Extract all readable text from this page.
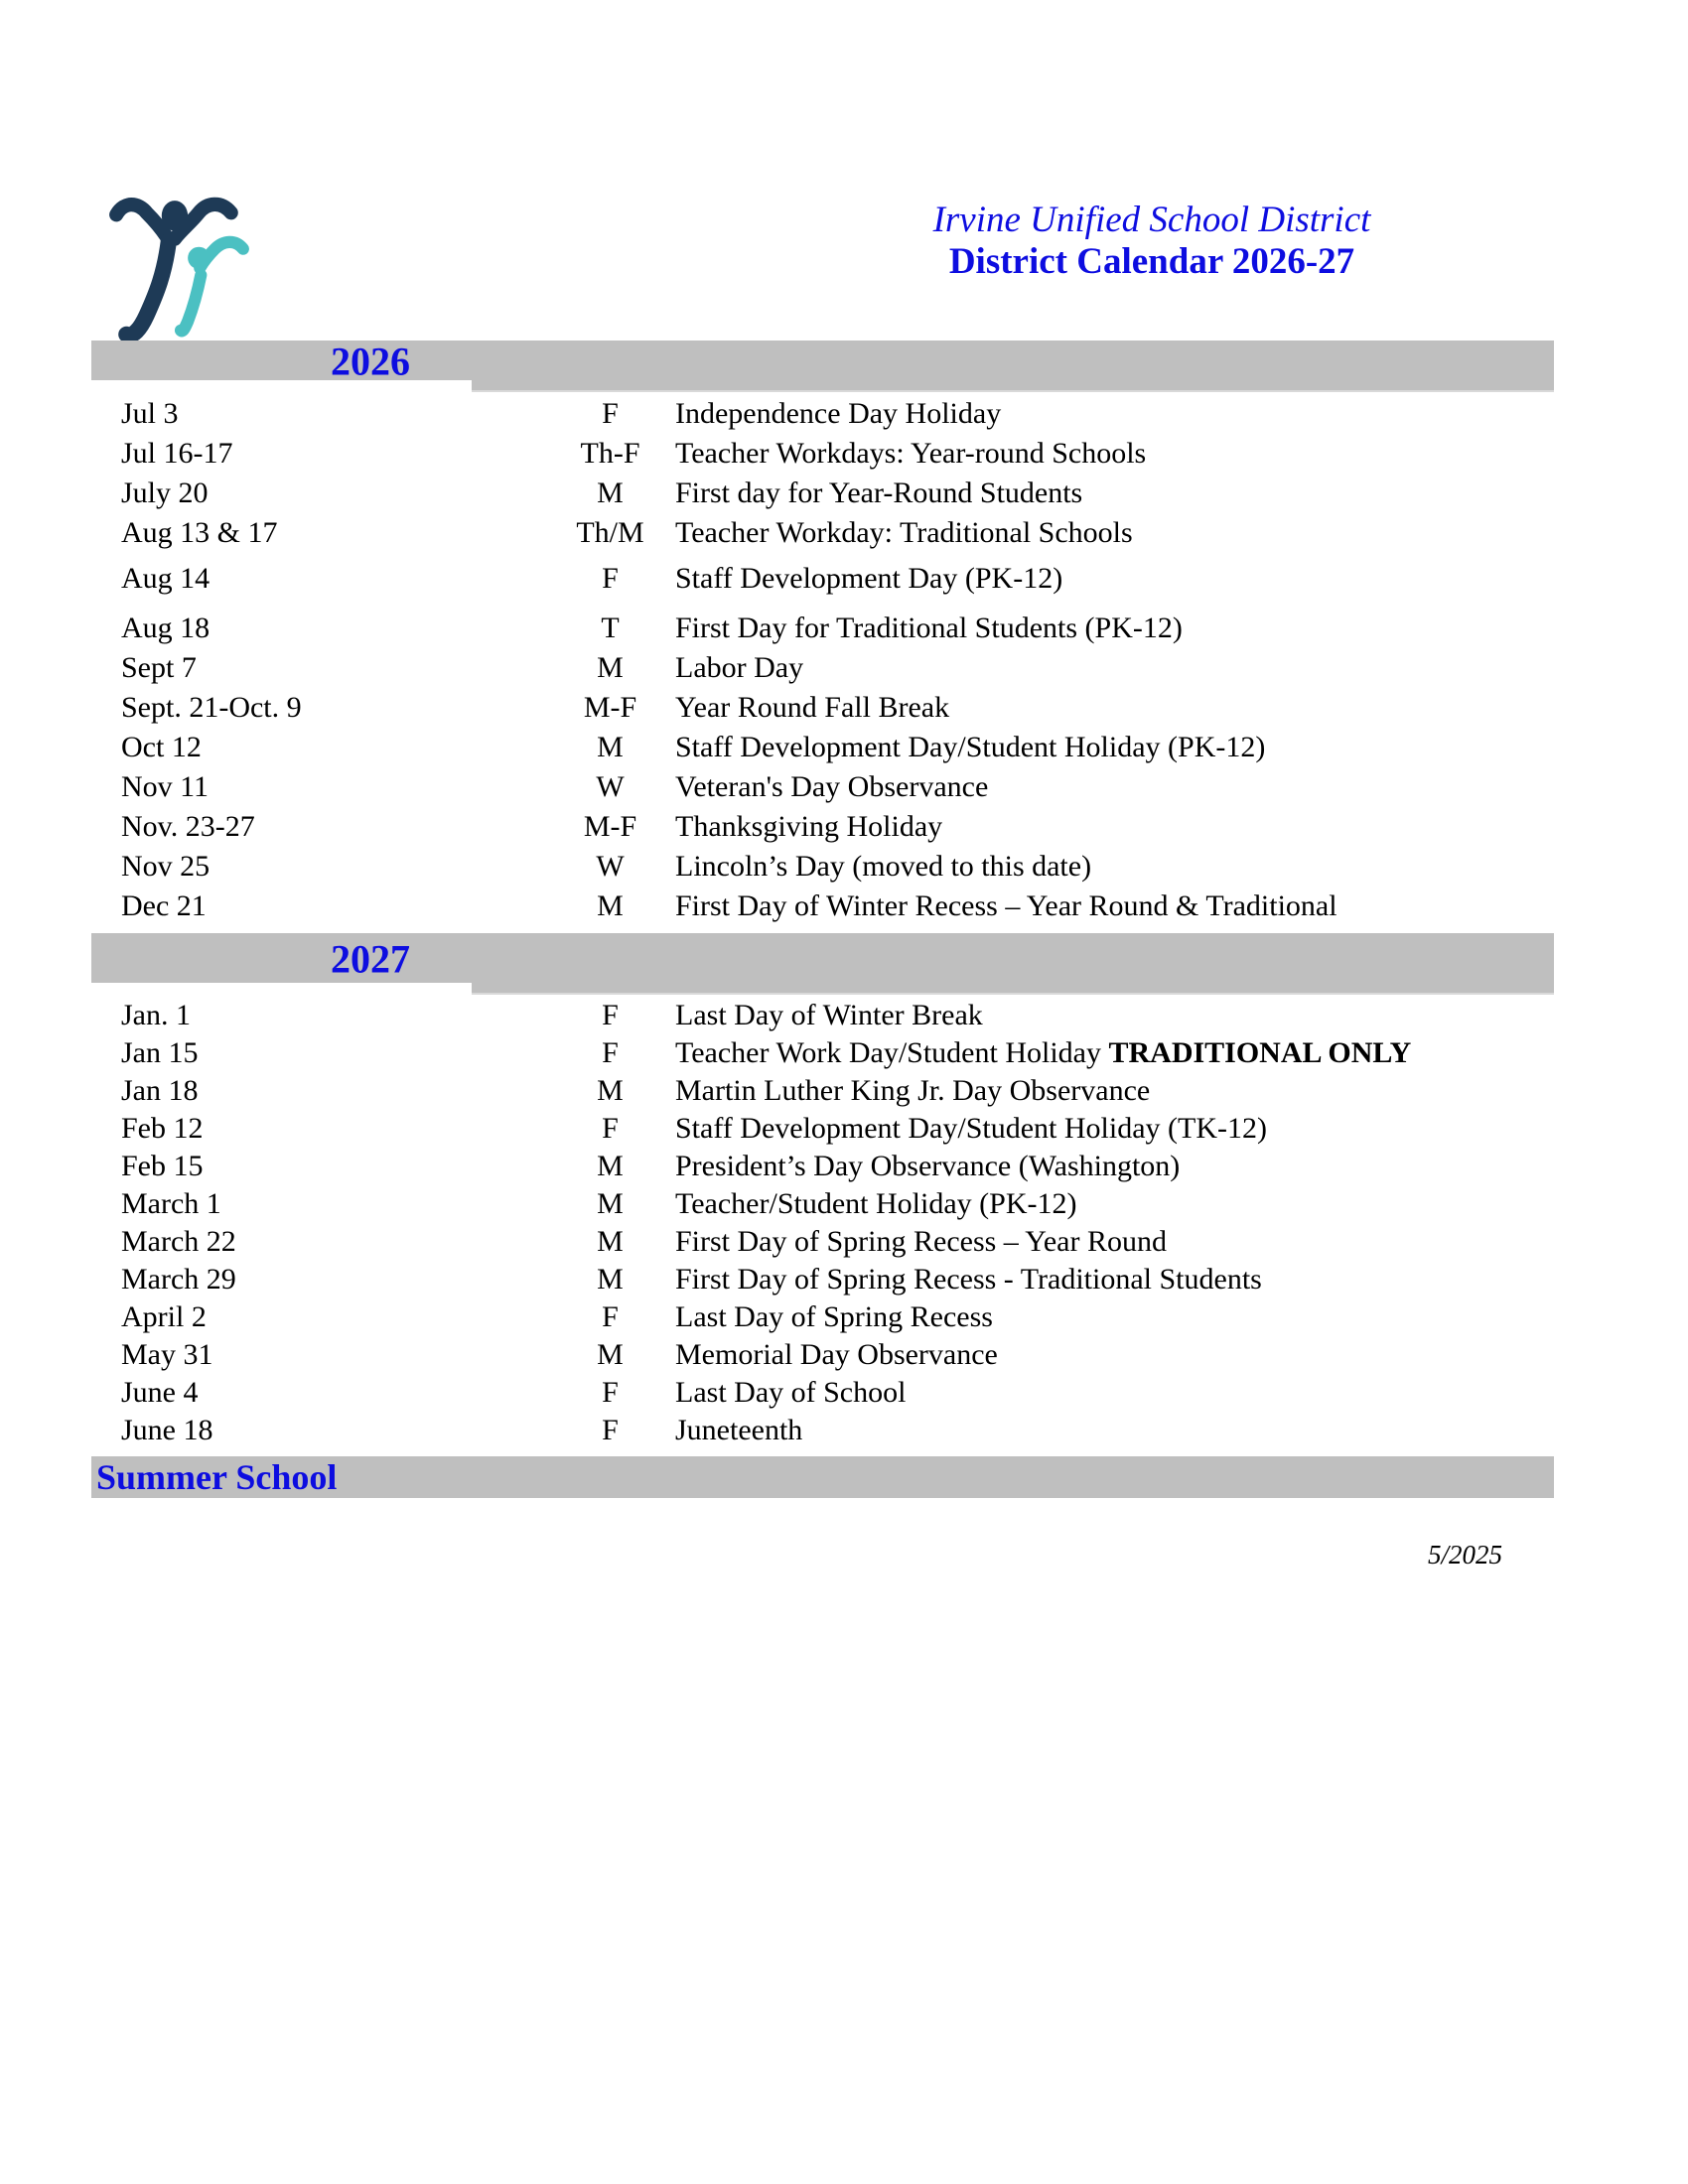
Irvine Unified School District
District Calendar 2026-27
2026
Jul 3	F	Independence Day Holiday
Jul 16-17	Th-F	Teacher Workdays: Year-round Schools
July 20	M	First day for Year-Round Students
Aug 13 & 17	Th/M	Teacher Workday: Traditional Schools
Aug 14	F	Staff Development Day (PK-12)
Aug 18	T	First Day for Traditional Students (PK-12)
Sept 7	M	Labor Day
Sept. 21-Oct. 9	M-F	Year Round Fall Break
Oct 12	M	Staff Development Day/Student Holiday (PK-12)
Nov 11	W	Veteran's Day Observance
Nov. 23-27	M-F	Thanksgiving Holiday
Nov 25	W	Lincoln’s Day (moved to this date)
Dec 21	M	First Day of Winter Recess – Year Round & Traditional
2027
Jan. 1	F	Last Day of Winter Break
Jan 15	F	Teacher Work Day/Student Holiday TRADITIONAL ONLY
Jan 18	M	Martin Luther King Jr. Day Observance
Feb 12	F	Staff Development Day/Student Holiday (TK-12)
Feb 15	M	President’s Day Observance (Washington)
March 1	M	Teacher/Student Holiday (PK-12)
March 22	M	First Day of Spring Recess – Year Round
March 29	M	First Day of Spring Recess - Traditional Students
April 2	F	Last Day of Spring Recess
May 31	M	Memorial Day Observance
June 4	F	Last Day of School
June 18	F	Juneteenth
Summer School
5/2025
